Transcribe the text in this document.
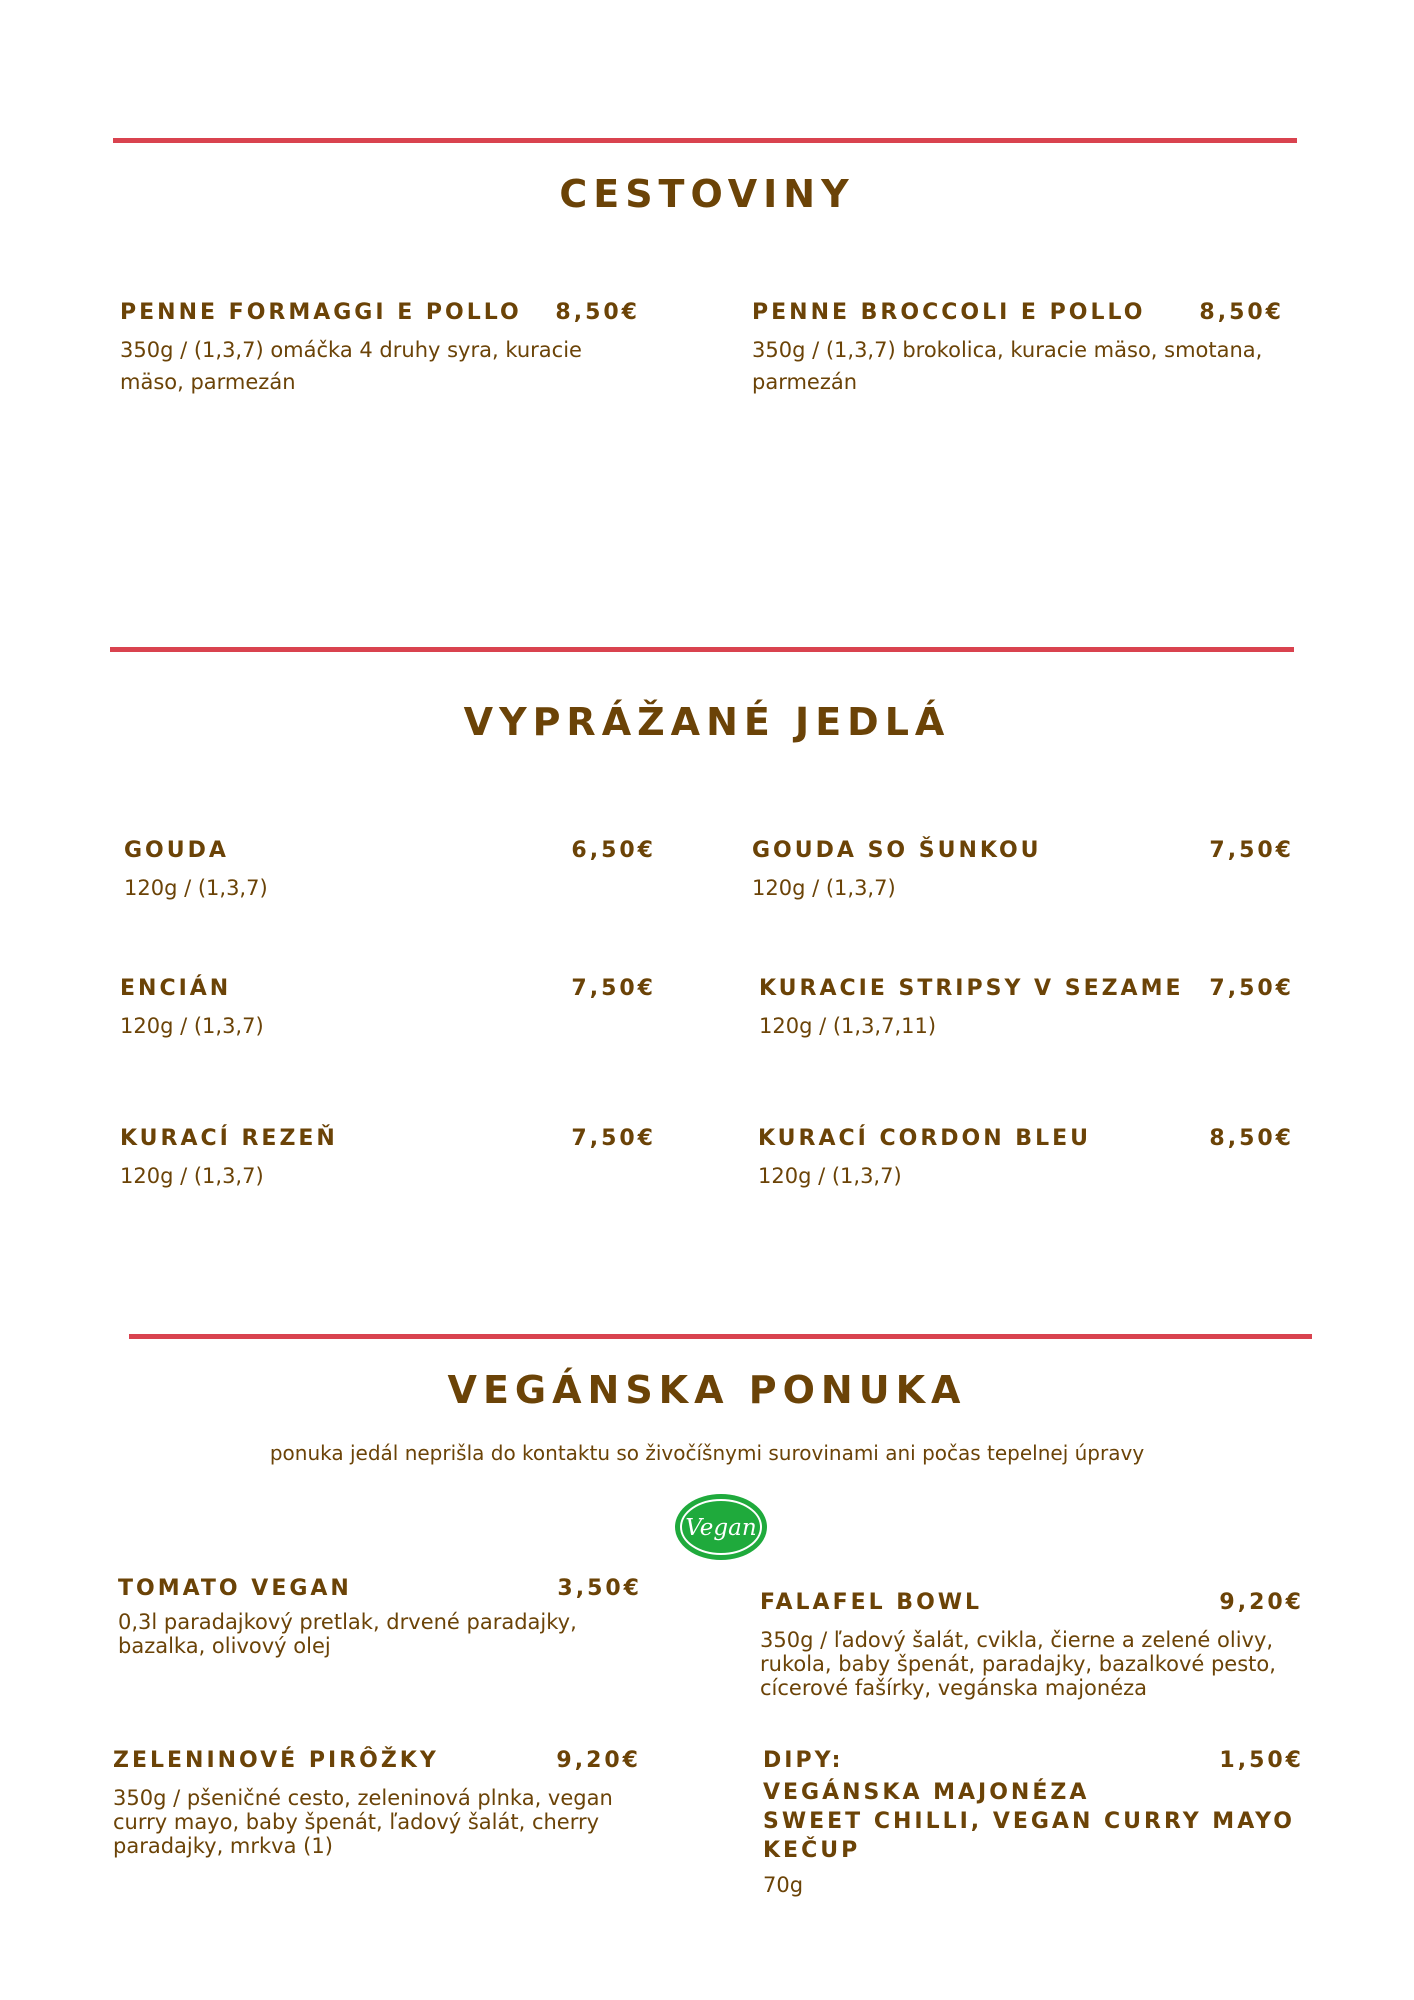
CESTOVINY
PENNE FORMAGGI E POLLO 8,50€
350g / (1,3,7) omáčka 4 druhy syra, kuracie mäso, parmezán
PENNE BROCCOLI E POLLO 8,50€
350g / (1,3,7) brokolica, kuracie mäso, smotana, parmezán
VYPRÁŽANÉ JEDLÁ
GOUDA	6,50€
120g / (1,3,7)
GOUDA SO ŠUNKOU	7,50€
120g / (1,3,7)
ENCIÁN	7,50€
120g / (1,3,7)
KURACIE STRIPSY V SEZAME 7,50€
120g / (1,3,7,11)
KURACÍ REZEŇ	7,50€
120g / (1,3,7)
KURACÍ CORDON BLEU	8,50€
120g / (1,3,7)
VEGÁNSKA PONUKA
ponuka jedál neprišla do kontaktu so živočíšnymi surovinami ani počas tepelnej úpravy
Vegan
TOMATO VEGAN	3,50€
0,3l paradajkový pretlak, drvené paradajky, bazalka, olivový olej
FALAFEL BOWL	9,20€
350g / ľadový šalát, cvikla, čierne a zelené olivy, rukola, baby špenát, paradajky, bazalkové pesto, cícerové fašírky, vegánska majonéza
ZELENINOVÉ PIRÔŽKY	9,20€
350g / pšeničné cesto, zeleninová plnka, vegan curry mayo, baby špenát, ľadový šalát, cherry paradajky, mrkva (1)
DIPY:	1,50€
VEGÁNSKA MAJONÉZA
SWEET CHILLI, VEGAN CURRY MAYO
KEČUP
70g
